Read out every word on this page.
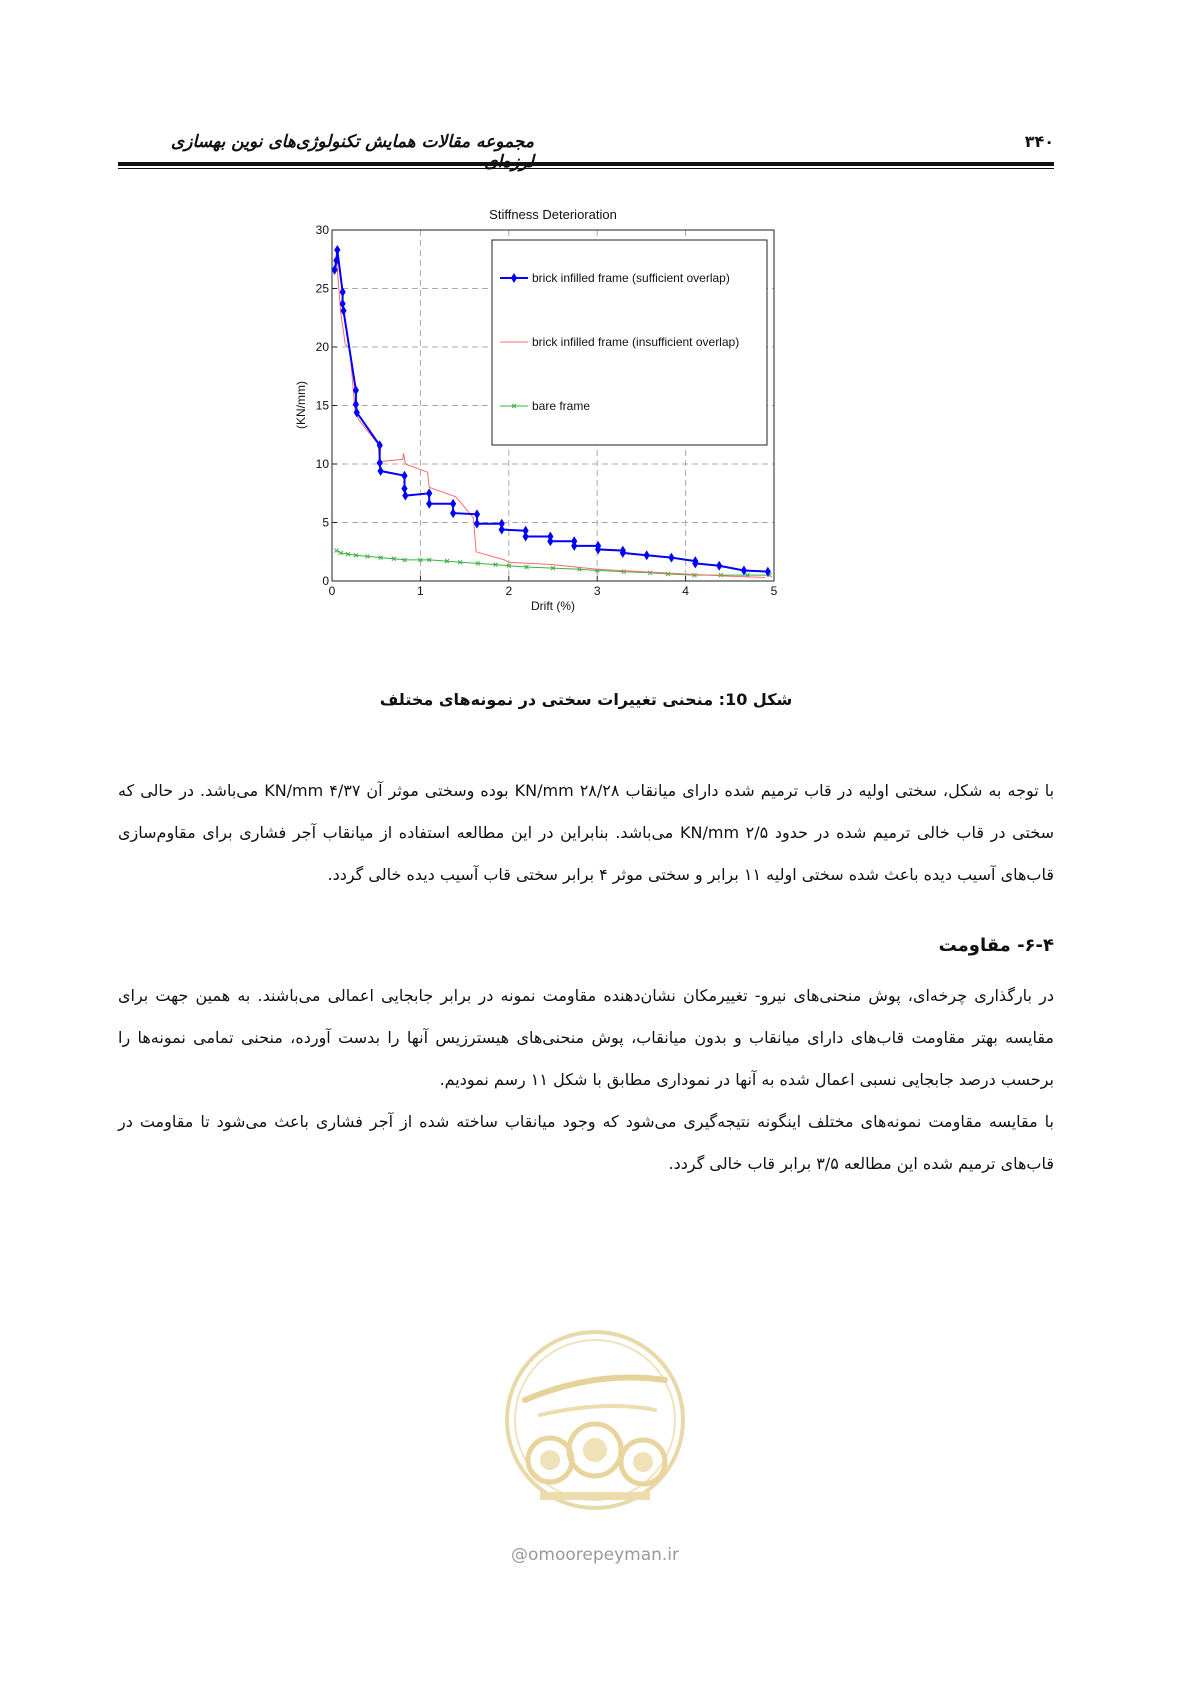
مجموعه مقالات همایش تکنولوژی‌های نوین بهسازی	۳۴۰
Stiffness Deterioration
0	1	2	3	4	5
0
5
10
15
20
25
30
brick infilled frame (sufficient overlap)
brick infilled frame (insufficient overlap)
bare frame
Drift (%)
(KN/mm)
شکل 10: منحنی تغییرات سختی در نمونه‌های مختلف
با توجه به شکل، سختی اولیه در قاب ترمیم شده دارای میانقاب KN/mm ۲۸/۲۸ بوده وسختی موثر آن KN/mm ۴/۳۷ می‌باشد. در حالی که سختی در قاب خالی ترمیم شده در حدود KN/mm ۲/۵ می‌باشد. بنابراین در این مطالعه استفاده از میانقاب آجر فشاری برای مقاوم‌سازی قاب‌های آسیب دیده باعث شده سختی اولیه ۱۱ برابر و سختی موثر ۴ برابر سختی قاب آسیب دیده خالی گردد.
۶-۴- مقاومت
در بارگذاری چرخه‌ای، پوش منحنی‌های نیرو- تغییرمکان نشان‌دهنده مقاومت نمونه در برابر جابجایی اعمالی می‌باشند. به همین جهت برای مقایسه بهتر مقاومت قاب‌های دارای میانقاب و بدون میانقاب، پوش منحنی‌های هیسترزیس آنها را بدست آورده، منحنی تمامی نمونه‌ها را برحسب درصد جابجایی نسبی اعمال شده به آنها در نموداری مطابق با شکل ۱۱ رسم نمودیم.
با مقایسه مقاومت نمونه‌های مختلف اینگونه نتیجه‌گیری می‌شود که وجود میانقاب ساخته شده از آجر فشاری باعث می‌شود تا مقاومت در قاب‌های ترمیم شده این مطالعه ۳/۵ برابر قاب خالی گردد.
@omoorepeyman.ir
